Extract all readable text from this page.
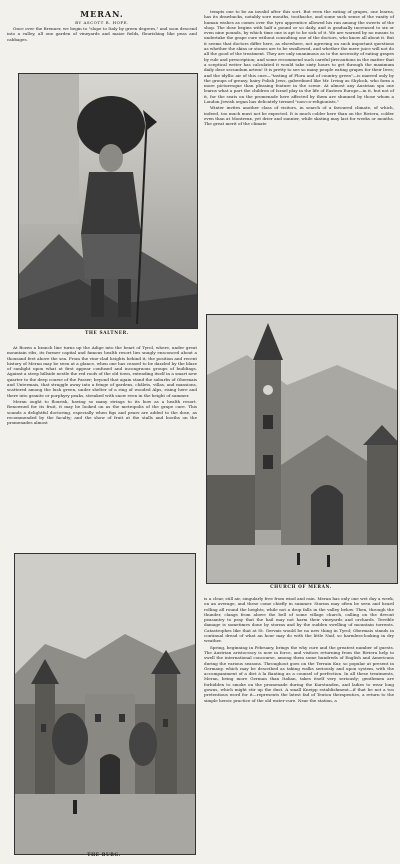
MERAN.
BY ASCOTT R. HOPE.

Once over the Brenner, we begin to "slope to Italy by green degrees," and soon descend into a valley, all one garden of vineyards and maize fields, flourishing like peas and cabbages.

THE SALTNER.

At Bozen a branch line turns up the Adige into the heart of Tyrol, where, under great mountain ribs, its former capital and famous health resort lies snugly ensconced about a thousand feet above the sea. From the vine-clad heights behind it, the position and recent history of Meran may be seen at a glance, when one has ceased to be dazzled by the blaze of sunlight upon what at first appear confused and incongruous groups of buildings. Against a steep hillside nestle the red roofs of the old town, extending itself in a smart new quarter to the deep course of the Passer; beyond that again stand the suburbs of Obermais and Untermais, that straggle away into a fringe of gardens, châlets, villas, and mansions, scattered among the lush green, under shelter of a ring of wooded Alps, rising here and there into granite or porphyry peaks, streaked with snow even in the height of summer.

Meran ought to flourish, having so many strings to its bow as a health resort. Renowned for its fruit, it may be looked on as the metropolis of the grape cure. This sounds a delightful doctoring, especially when figs and pears are added to the dose, as recommended by the faculty; and the show of fruit at the stalls and booths on the promenades almost

THE BURG.

tempts one to be an invalid after this sort. But even the eating of grapes, one learns, has its drawbacks, notably sore mouths, toothache, and some such sense of the vanity of human wishes as comes over the tyro apprentice allowed his run among the sweets of the shop. The dose begins with half a pound or so daily, and is gradually increased to six or even nine pounds, by which time one is apt to be sick of it. We are warned by no means to undertake the grape cure without consulting one of the doctors, who know all about it. But it seems that doctors differ here, as elsewhere, not agreeing on such important questions as whether the skins or stones are to be swallowed, and whether the mere juice will not do all the good of the treatment. They are only unanimous as to the necessity of eating grapes by rule and prescription; and some recommend such careful precautions in the matter that a sceptical writer has calculated it would take sixty hours to get through the maximum daily dose secundum artem! It is pretty to see so many people eating grapes for their lives; and the idyllic air of this cure—"tasting of Flora and of country green"—is marred only by the groups of greasy, hairy Polish Jews, gaberdined like Mr. Irving as Shylock, who form a more picturesque than pleasing feature in the scene. At almost any Austrian spa one learns what a part the children of Israel play in the life of Eastern Europe—in it, but not of it, for the seats on the promenade here affected by them are shunned by those whom a London Jewish organ has delicately termed "non-co-religionists."

Winter invites another class of visitors, in search of a favoured climate, of which, indeed, too much must not be expected. It is much colder here than on the Riviera, colder even than at Montreux, yet drier and sunnier, while skating may last for weeks or months. The great merit of the climate

CHURCH OF MERAN.

is a clear, still air, singularly free from wind and rain. Meran has only one wet day a week, on an average, and these come chiefly in summer. Storms may often be seen and heard rolling all round the heights, while not a drop falls in the valley below. Then, through the thunder, clangs from above the bell of some village church, calling on the devout peasantry to pray that the hail may not harm their vineyards and orchards. Terrible damage is sometimes done by storms and by the sudden swelling of mountain torrents. Catastrophes like that at St. Gervais would be no new thing in Tyrol; Obermais stands in continual dread of what an hour may do with the little Naif, so harmless-looking in dry weather.

Spring, beginning in February, brings the why cure and the greatest number of guests. The Austrian aristocracy is now in force, and visitors returning from the Riviera help to swell the international concourse, among them some hundreds of English and Americans during the various seasons. Throughout goes on the Terrain Kur, so popular at present in Germany, which may be described as taking walks seriously and upon system, with the accompaniment of a diet à la Banting as a counsel of perfection. In all these treatments, Meran, being more German than Italian, takes itself very seriously; gentlemen are forbidden to smoke on the promenade during the Kurstunden, and ladies to wear long gowns, which might stir up the dust. A small Kneipp establishment—if that be not a too pretentious word for it—represents the latest fad of Teuton therapeutics, a return to the simple heroic practice of the old water-cure. Near the station, a
